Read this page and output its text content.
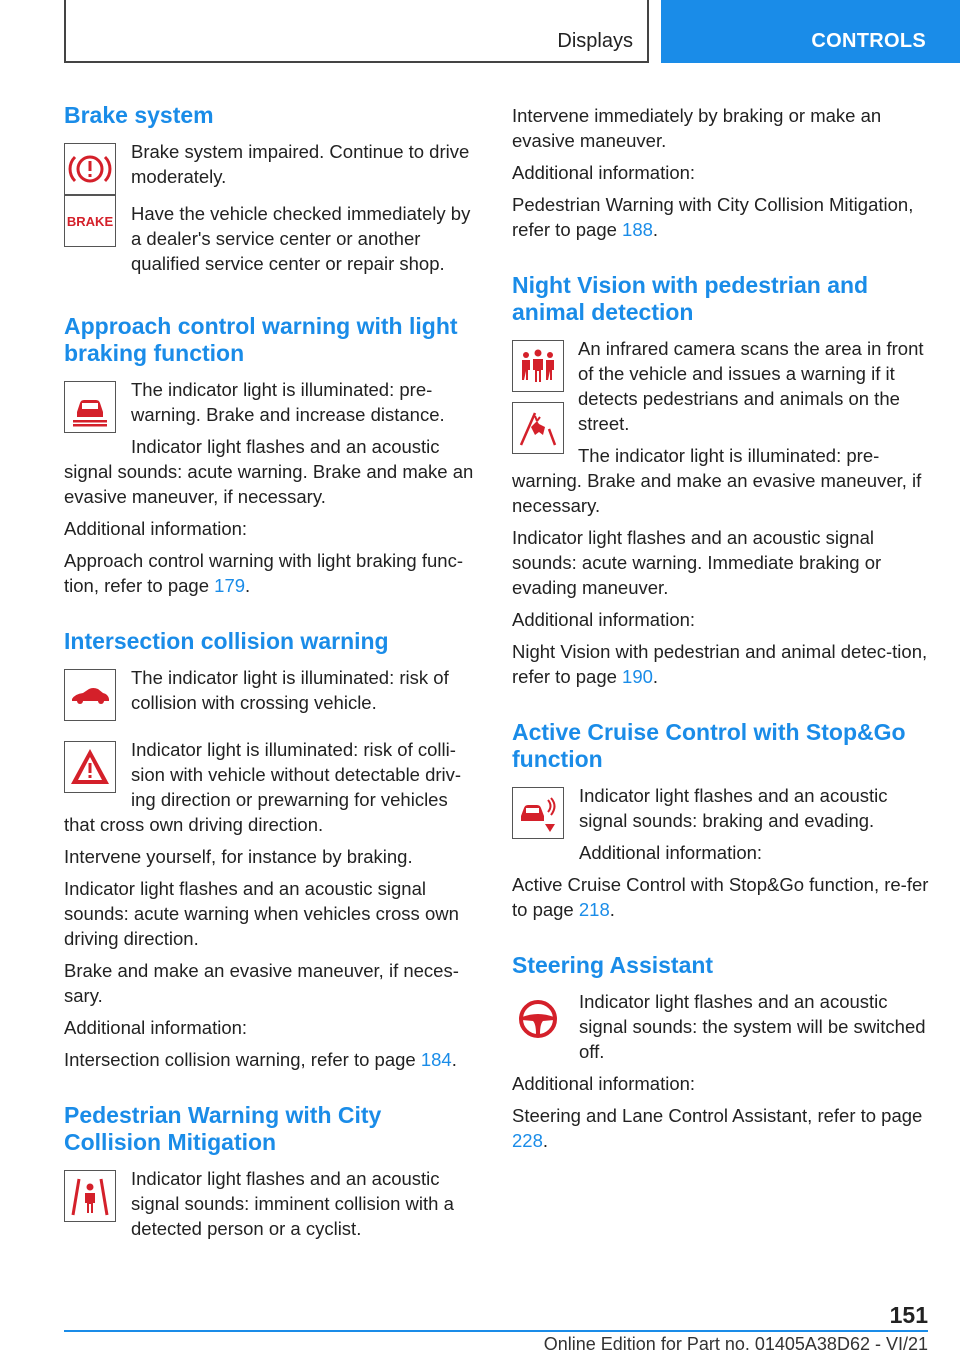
Displays	CONTROLS
Brake system

Brake system impaired. Continue to drive moderately.

BRAKE Have the vehicle checked immediately by a dealer's service center or another qualified service center or repair shop.

Approach control warning with light braking function

The indicator light is illuminated: pre-warning. Brake and increase distance.

Indicator light flashes and an acoustic

signal sounds: acute warning. Brake and make an evasive maneuver, if necessary.

Additional information:

Approach control warning with light braking func-tion, refer to page 179.

Intersection collision warning

The indicator light is illuminated: risk of collision with crossing vehicle.

Indicator light is illuminated: risk of colli-sion with vehicle without detectable driv-ing direction or prewarning for vehicles

that cross own driving direction.

Intervene yourself, for instance by braking.

Indicator light flashes and an acoustic signal sounds: acute warning when vehicles cross own driving direction.

Brake and make an evasive maneuver, if neces-sary.

Additional information:

Intersection collision warning, refer to page 184.

Pedestrian Warning with City Collision Mitigation

Indicator light flashes and an acoustic signal sounds: imminent collision with a detected person or a cyclist.

Intervene immediately by braking or make an evasive maneuver.

Additional information:

Pedestrian Warning with City Collision Mitigation, refer to page 188.

Night Vision with pedestrian and animal detection

An infrared camera scans the area in front of the vehicle and issues a warning if it detects pedestrians and animals on the street.

The indicator light is illuminated: pre-

warning. Brake and make an evasive maneuver, if necessary.

Indicator light flashes and an acoustic signal sounds: acute warning. Immediate braking or evading maneuver.

Additional information:

Night Vision with pedestrian and animal detec-tion, refer to page 190.

Active Cruise Control with Stop&Go function

Indicator light flashes and an acoustic signal sounds: braking and evading.

Additional information:

Active Cruise Control with Stop&Go function, re-fer to page 218.

Steering Assistant

Indicator light flashes and an acoustic signal sounds: the system will be switched off.

Additional information:

Steering and Lane Control Assistant, refer to page 228.

151
Online Edition for Part no. 01405A38D62 - VI/21
